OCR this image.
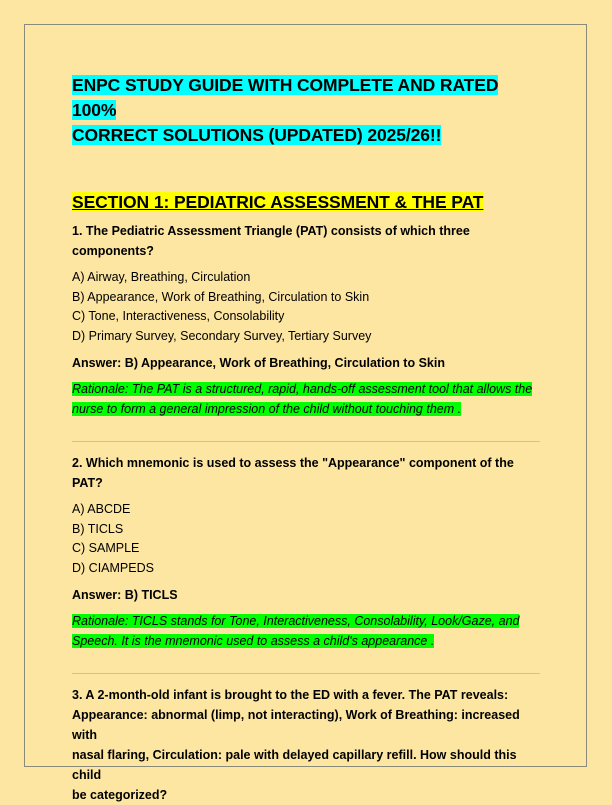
ENPC STUDY GUIDE WITH COMPLETE AND RATED 100%
CORRECT SOLUTIONS (UPDATED) 2025/26!!
SECTION 1: PEDIATRIC ASSESSMENT & THE PAT

1. The Pediatric Assessment Triangle (PAT) consists of which three components?

A) Airway, Breathing, Circulation
B) Appearance, Work of Breathing, Circulation to Skin
C) Tone, Interactiveness, Consolability
D) Primary Survey, Secondary Survey, Tertiary Survey

Answer: B) Appearance, Work of Breathing, Circulation to Skin

Rationale: The PAT is a structured, rapid, hands-off assessment tool that allows the
nurse to form a general impression of the child without touching them .

2. Which mnemonic is used to assess the "Appearance" component of the PAT?

A) ABCDE
B) TICLS
C) SAMPLE
D) CIAMPEDS

Answer: B) TICLS

Rationale: TICLS stands for Tone, Interactiveness, Consolability, Look/Gaze, and
Speech. It is the mnemonic used to assess a child's appearance .

3. A 2-month-old infant is brought to the ED with a fever. The PAT reveals:
Appearance: abnormal (limp, not interacting), Work of Breathing: increased with
nasal flaring, Circulation: pale with delayed capillary refill. How should this child
be categorized?
